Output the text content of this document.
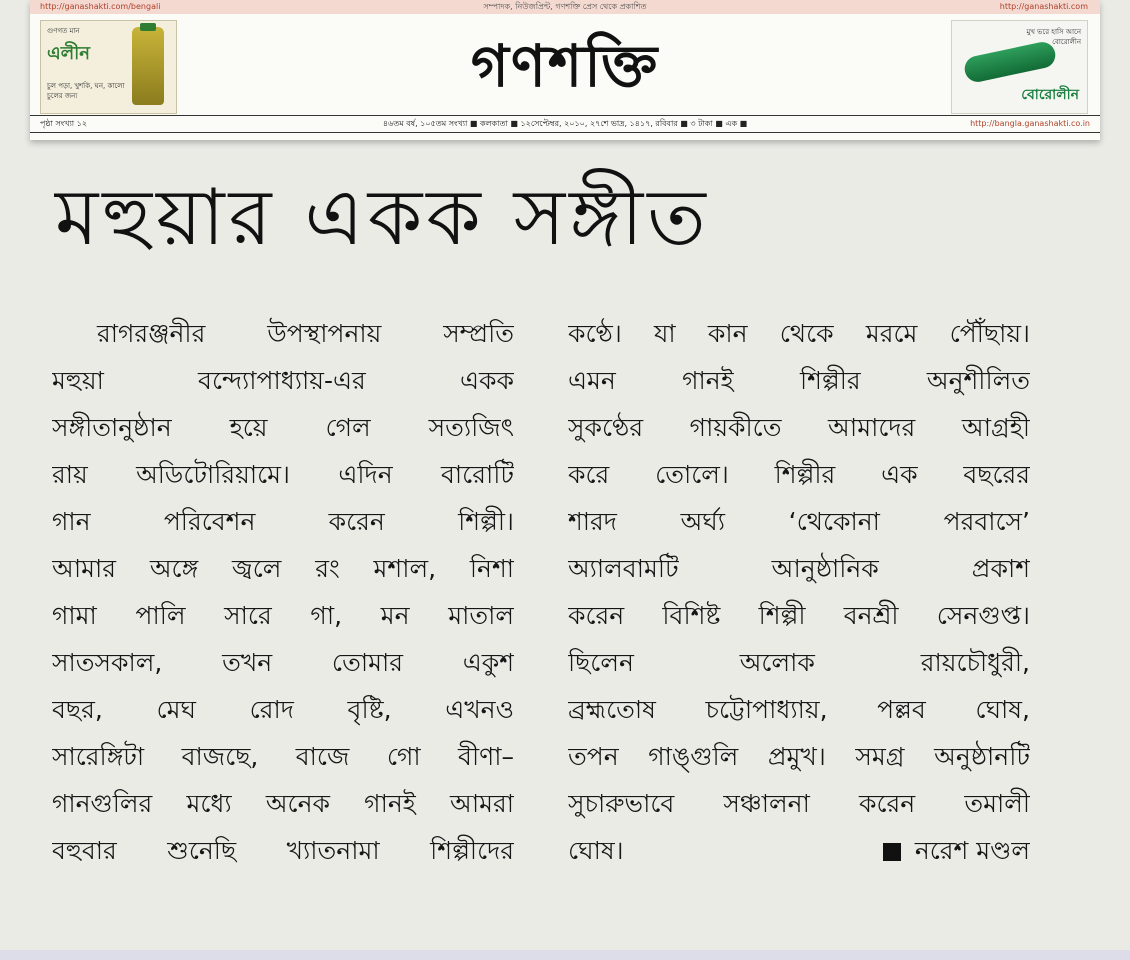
http://ganashakti.com/bengali	সম্পাদক, নিউজপ্রিন্ট, গণশক্তি প্রেস থেকে প্রকাশিত	http://ganashakti.com
গুণগত মান
এলীন
চুল পড়া, খুশকি, ঘন, কালো চুলের জন্য	গণশক্তি	মুখ ভরে হাসি আনে বোরোলীন
বোরোলীন
পৃষ্ঠা সংখ্যা ১২	৪৬তম বর্ষ, ১০৫তম সংখ্যা ■ কলকাতা ■ ১২সেপ্টেম্বর, ২০১০, ২৭শে ভাদ্র, ১৪১৭, রবিবার ■ ৩ টাকা ■ এক ■	http://bangla.ganashakti.co.in
মহুয়ার একক সঙ্গীত
রাগরঞ্জনীর উপস্থাপনায় সম্প্রতি
মহুয়া বন্দ্যোপাধ্যায়-এর একক
সঙ্গীতানুষ্ঠান হয়ে গেল সত্যজিৎ
রায় অডিটোরিয়ামে। এদিন বারোটি
গান পরিবেশন করেন শিল্পী।
আমার অঙ্গে জ্বলে রং মশাল, নিশা
গামা পালি সারে গা, মন মাতাল
সাতসকাল, তখন তোমার একুশ
বছর, মেঘ রোদ বৃষ্টি, এখনও
সারেঙ্গিটা বাজছে, বাজে গো বীণা–
গানগুলির মধ্যে অনেক গানই আমরা
বহুবার শুনেছি খ্যাতনামা শিল্পীদের
কণ্ঠে। যা কান থেকে মরমে পৌঁছায়।
এমন গানই শিল্পীর অনুশীলিত
সুকণ্ঠের গায়কীতে আমাদের আগ্রহী
করে তোলে। শিল্পীর এক বছরের
শারদ অর্ঘ্য ‘থেকোনা পরবাসে’
অ্যালবামটি আনুষ্ঠানিক প্রকাশ
করেন বিশিষ্ট শিল্পী বনশ্রী সেনগুপ্ত।
ছিলেন অলোক রায়চৌধুরী,
ব্রহ্মতোষ চট্টোপাধ্যায়, পল্লব ঘোষ,
তপন গাঙ্গুলি প্রমুখ। সমগ্র অনুষ্ঠানটি
সুচারুভাবে সঞ্চালনা করেন তমালী
ঘোষ।	নরেশ মণ্ডল
